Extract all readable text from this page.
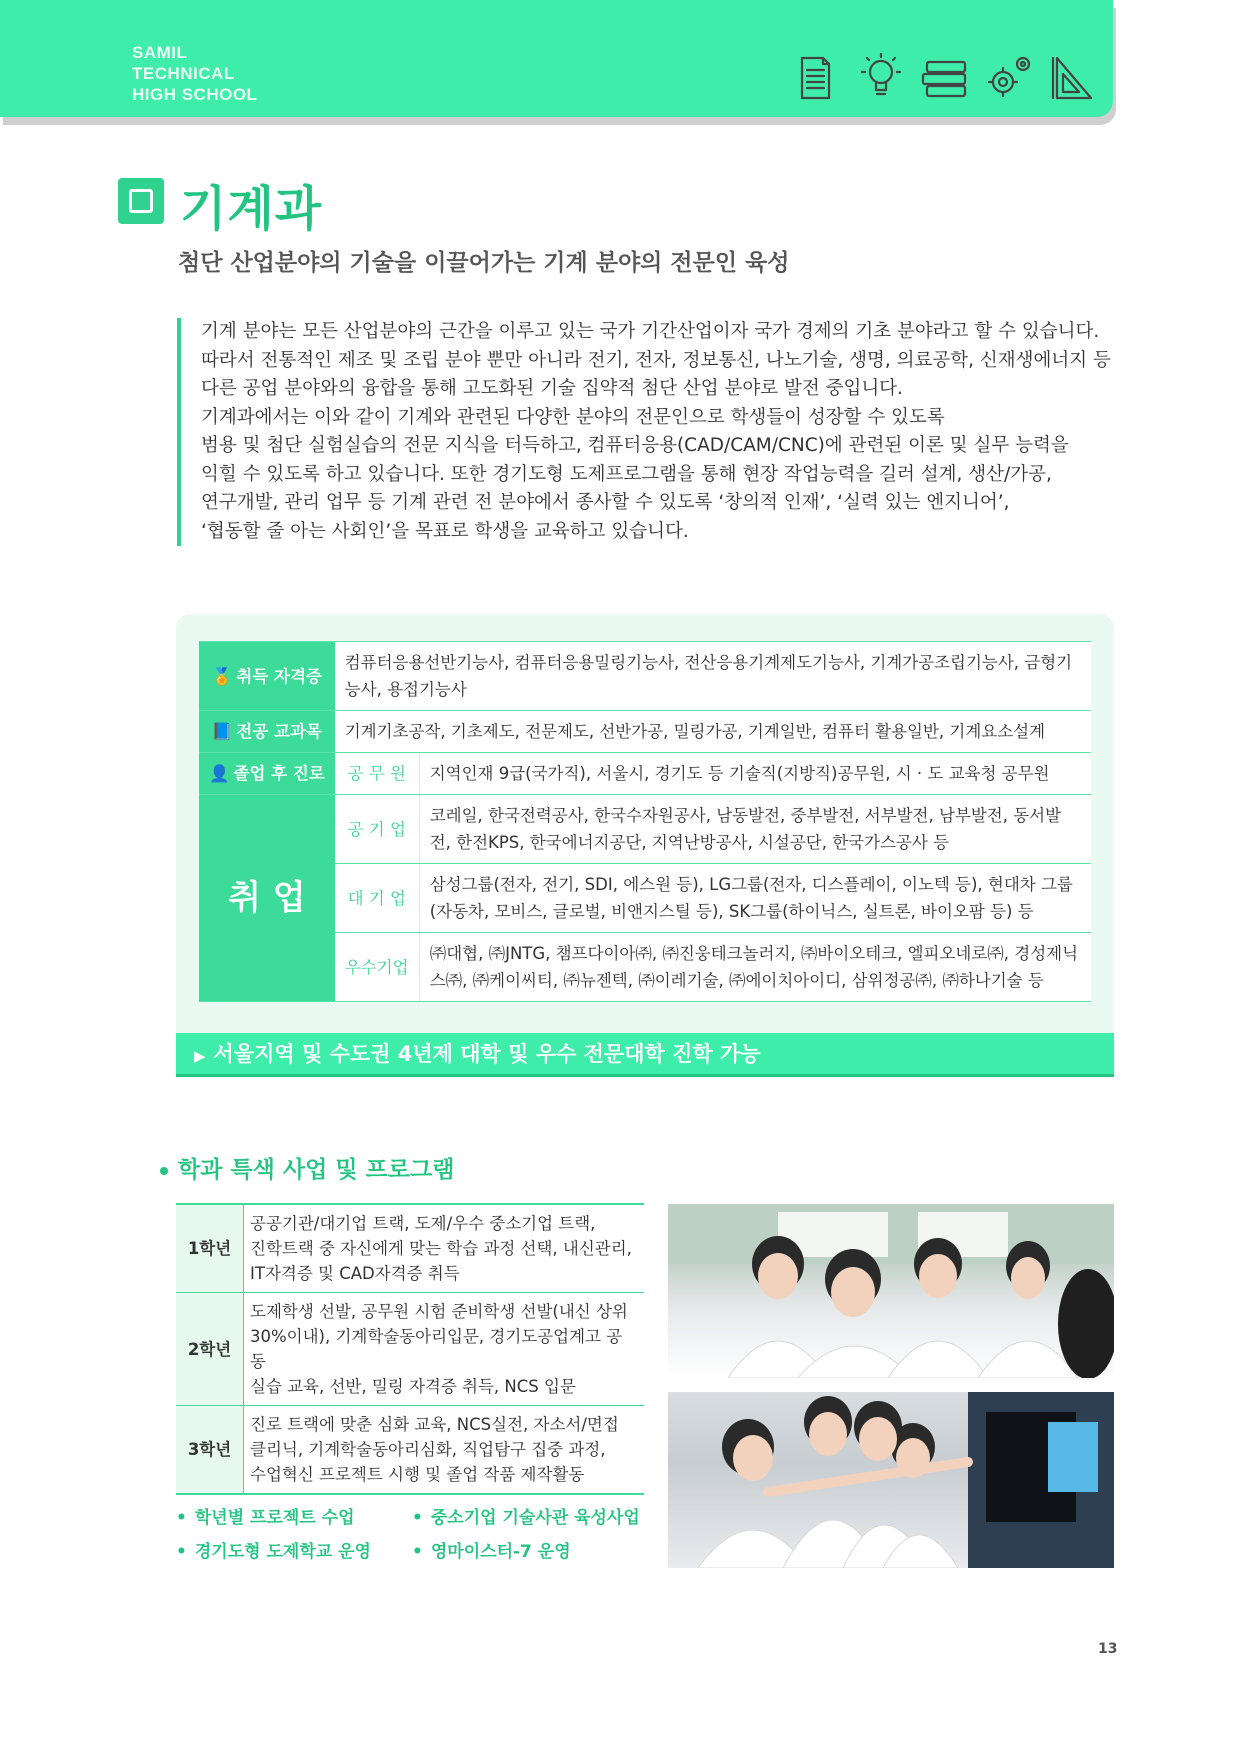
SAMIL
TECHNICAL
HIGH SCHOOL
기계과
첨단 산업분야의 기술을 이끌어가는 기계 분야의 전문인 육성
기계 분야는 모든 산업분야의 근간을 이루고 있는 국가 기간산업이자 국가 경제의 기초 분야라고 할 수 있습니다.
따라서 전통적인 제조 및 조립 분야 뿐만 아니라 전기, 전자, 정보통신, 나노기술, 생명, 의료공학, 신재생에너지 등
다른 공업 분야와의 융합을 통해 고도화된 기술 집약적 첨단 산업 분야로 발전 중입니다.
기계과에서는 이와 같이 기계와 관련된 다양한 분야의 전문인으로 학생들이 성장할 수 있도록
범용 및 첨단 실험실습의 전문 지식을 터득하고, 컴퓨터응용(CAD/CAM/CNC)에 관련된 이론 및 실무 능력을
익힐 수 있도록 하고 있습니다. 또한 경기도형 도제프로그램을 통해 현장 작업능력을 길러 설계, 생산/가공,
연구개발, 관리 업무 등 기계 관련 전 분야에서 종사할 수 있도록 ‘창의적 인재’, ‘실력 있는 엔지니어’,
‘협동할 줄 아는 사회인’을 목표로 학생을 교육하고 있습니다.
🏅 취득 자격증	컴퓨터응용선반기능사, 컴퓨터응용밀링기능사, 전산응용기계제도기능사, 기계가공조립기능사, 금형기능사, 용접기능사	
📘 전공 교과목	기계기초공작, 기초제도, 전문제도, 선반가공, 밀링가공, 기계일반, 컴퓨터 활용일반, 기계요소설계	
👤 졸업 후 진로	공 무 원	지역인재 9급(국가직), 서울시, 경기도 등 기술직(지방직)공무원, 시 · 도 교육청 공무원
취 업	공 기 업	코레일, 한국전력공사, 한국수자원공사, 남동발전, 중부발전, 서부발전, 남부발전, 동서발전, 한전KPS, 한국에너지공단, 지역난방공사, 시설공단, 한국가스공사 등
	대 기 업	삼성그룹(전자, 전기, SDI, 에스원 등), LG그룹(전자, 디스플레이, 이노텍 등), 현대차 그룹 (자동차, 모비스, 글로벌, 비앤지스틸 등), SK그룹(하이닉스, 실트론, 바이오팜 등) 등
	우수기업	㈜대협, ㈜JNTG, 챔프다이아㈜, ㈜진웅테크놀러지, ㈜바이오테크, 엘피오네로㈜, 경성제닉스㈜, ㈜케이씨티, ㈜뉴젠텍, ㈜이레기술, ㈜에이치아이디, 삼위정공㈜, ㈜하나기술 등
▶ 서울지역 및 수도권 4년제 대학 및 우수 전문대학 진학 가능
학과 특색 사업 및 프로그램
1학년	공공기관/대기업 트랙, 도제/우수 중소기업 트랙,
진학트랙 중 자신에게 맞는 학습 과정 선택, 내신관리,
IT자격증 및 CAD자격증 취득

2학년	도제학생 선발, 공무원 시험 준비학생 선발(내신 상위
30%이내), 기계학술동아리입문, 경기도공업계고 공동
실습 교육, 선반, 밀링 자격증 취득, NCS 입문

3학년	진로 트랙에 맞춘 심화 교육, NCS실전, 자소서/면접
클리닉, 기계학술동아리심화, 직업탐구 집중 과정,
수업혁신 프로젝트 시행 및 졸업 작품 제작활동
• 학년별 프로젝트 수업	• 중소기업 기술사관 육성사업
• 경기도형 도제학교 운영	• 영마이스터-7 운영
13
